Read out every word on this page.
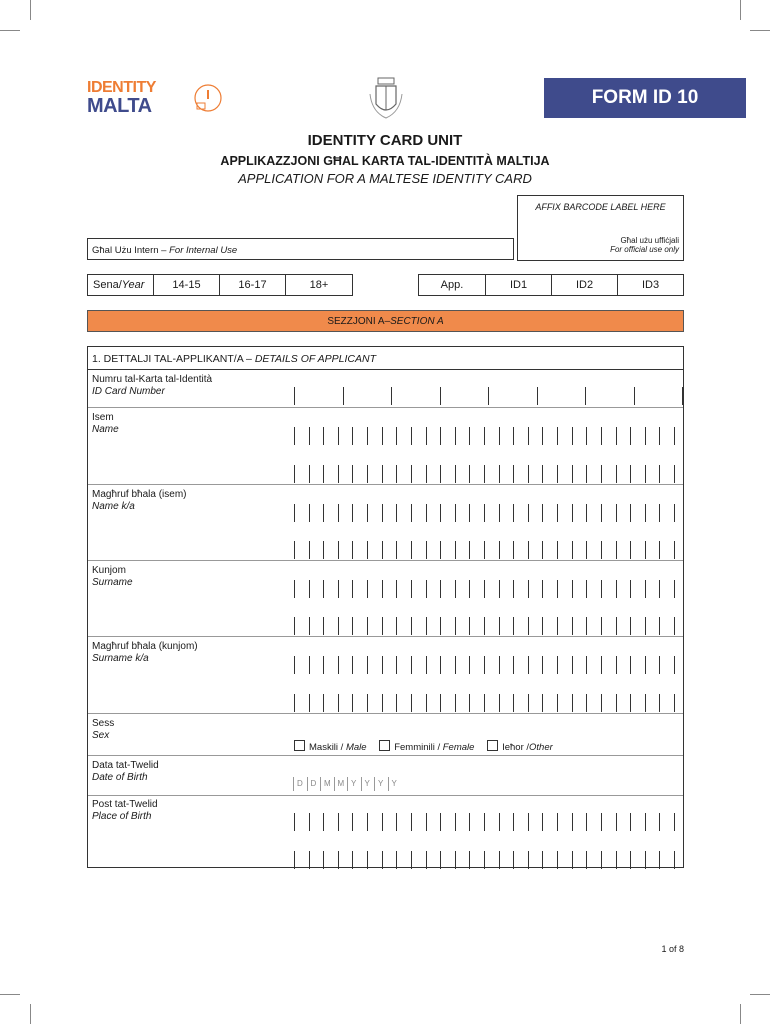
IDENTITY
MALTA	FORM ID 10
IDENTITY CARD UNIT
APPLIKAZZJONI GĦAL KARTA TAL-IDENTITÀ MALTIJA
APPLICATION FOR A MALTESE IDENTITY CARD
AFFIX BARCODE LABEL HERE
Għal użu uffiċjali
For official use only
Għal Użu Intern – For Internal Use
Sena / Year	14-15	16-17	18+	App.	ID1	ID2	ID3
SEZZJONI A – SECTION A
1. DETTALJI TAL-APPLIKANT/A – DETAILS OF APPLICANT
Numru tal-Karta tal-Identità
ID Card Number
Isem
Name
Magħruf bħala (isem)
Name k/a
Kunjom
Surname
Magħruf bħala (kunjom)
Surname k/a
Sess
Sex
Maskili / Male	Femminili / Female	Ieħor /Other
Data tat-Twelid
Date of Birth
D D M M Y	Y	Y	Y
Post tat-Twelid
Place of Birth
1 of 8
